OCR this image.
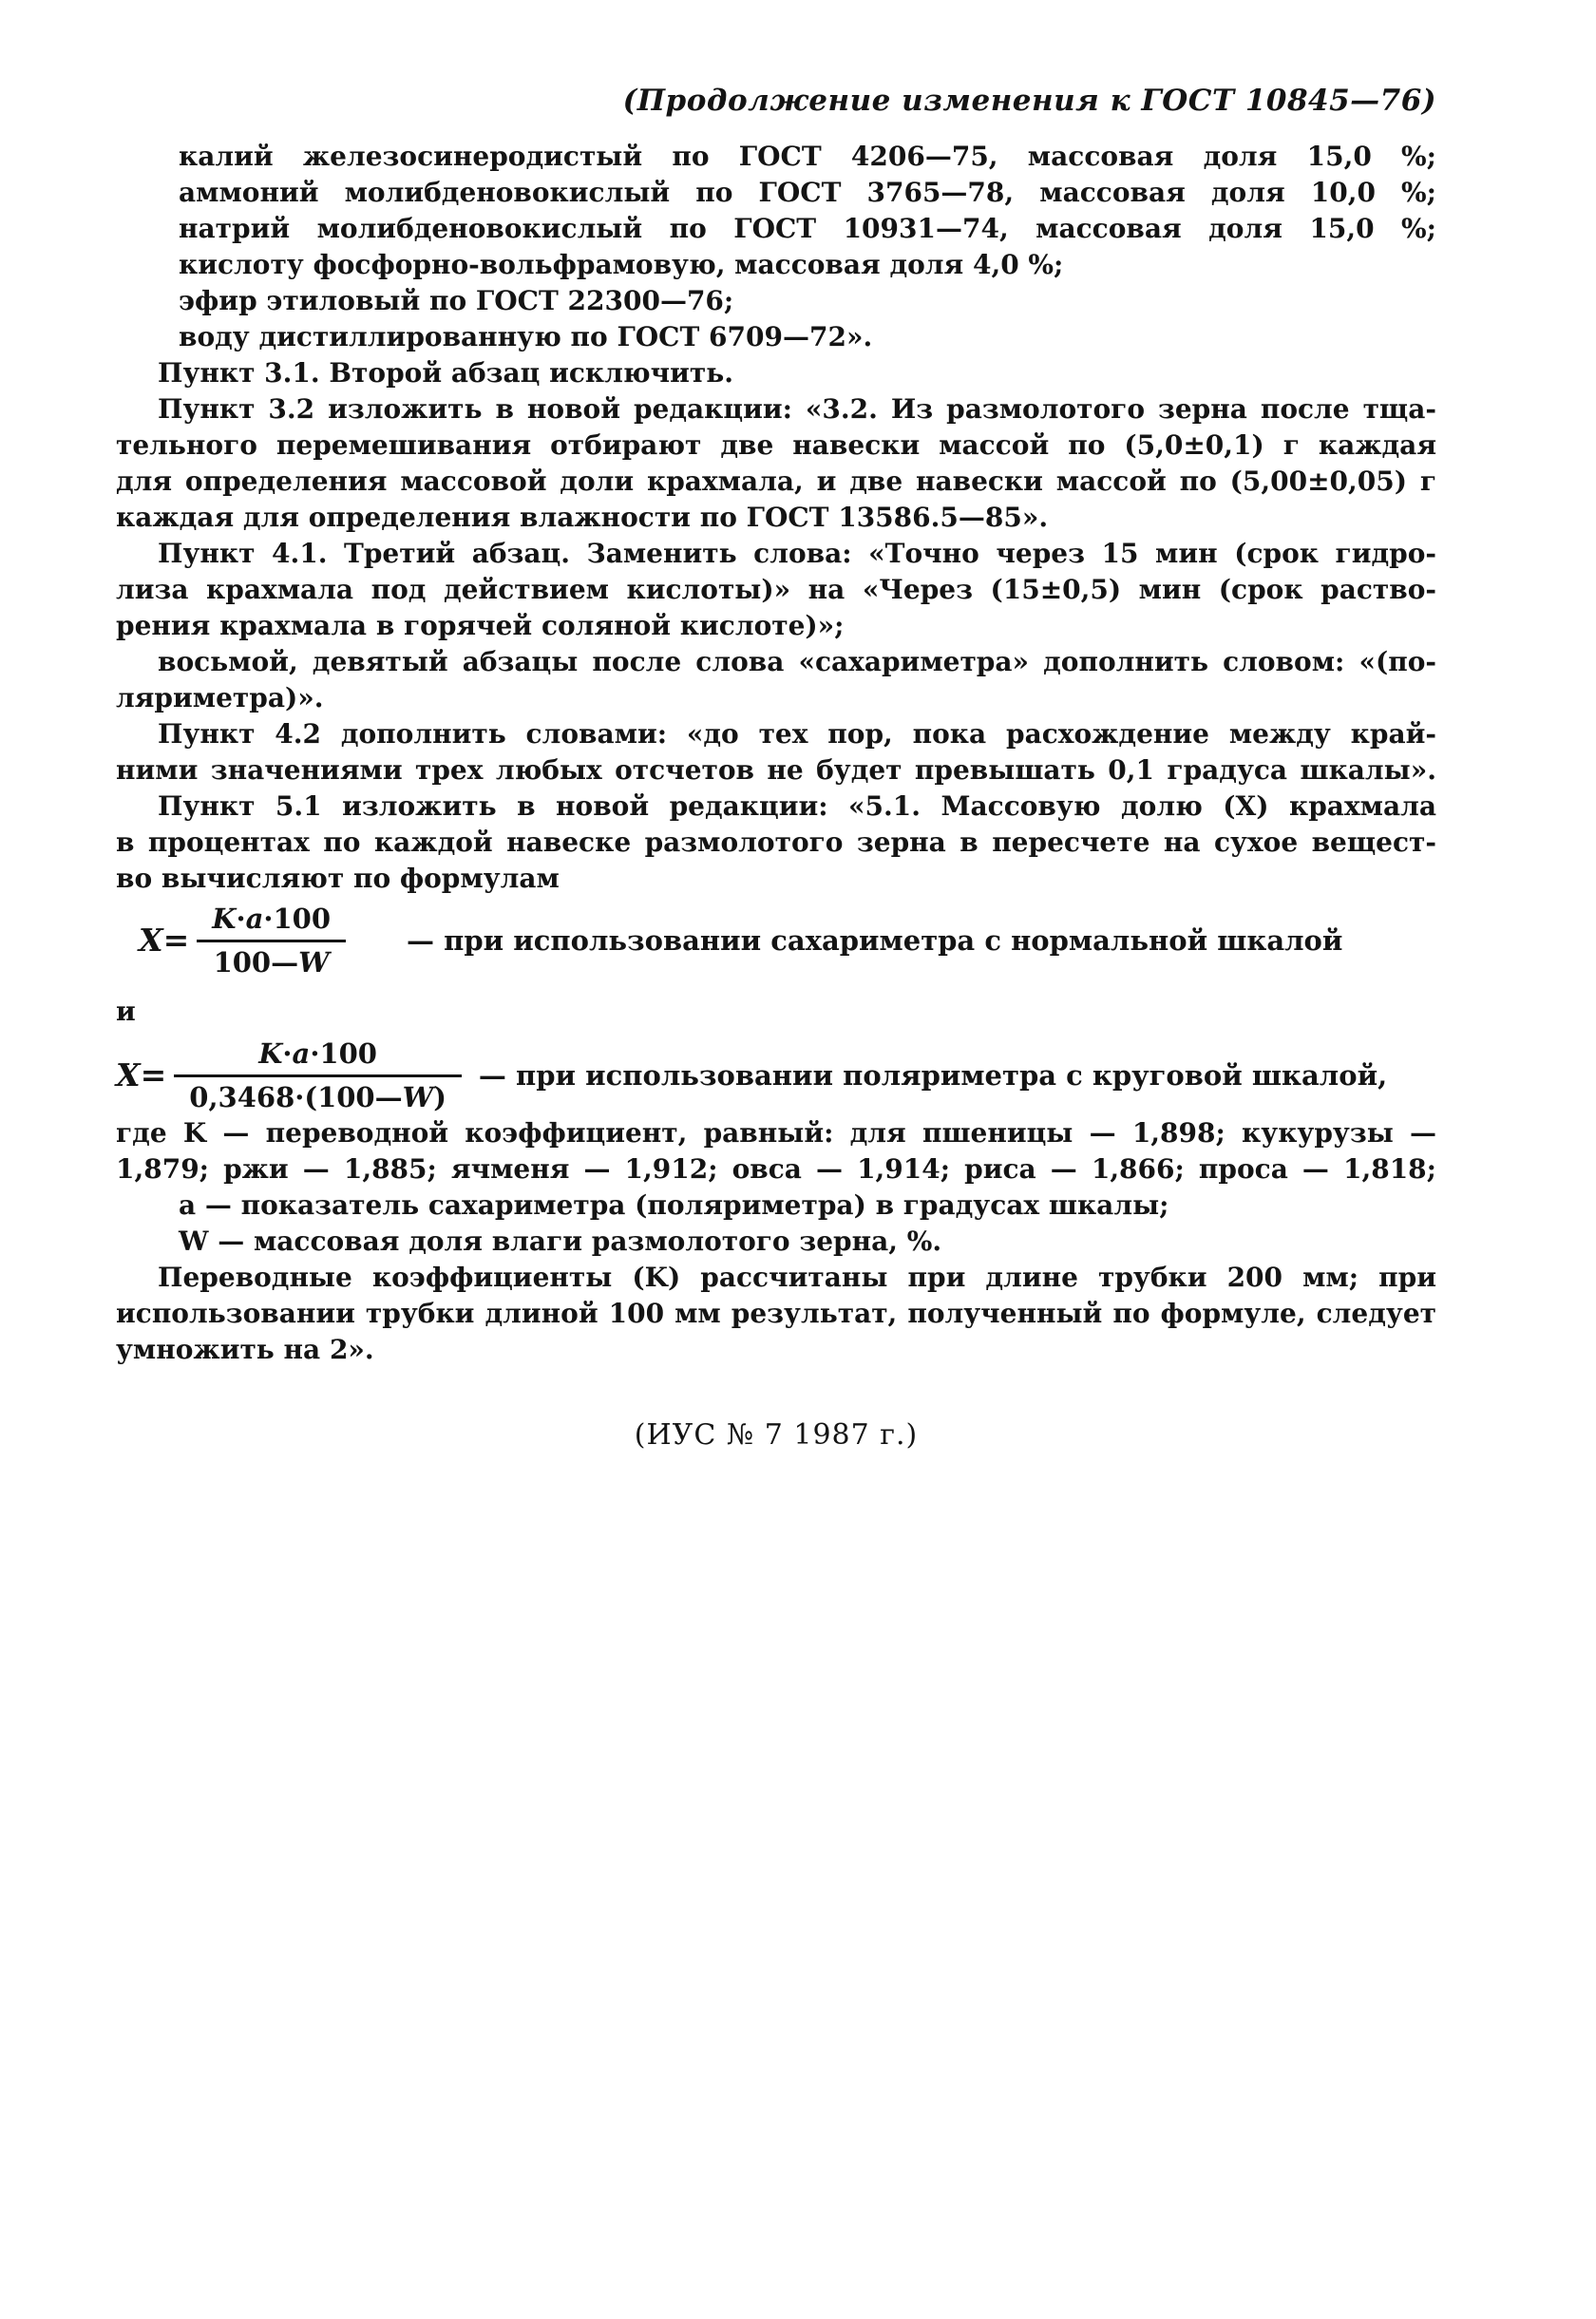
(Продолжение изменения к ГОСТ 10845—76)
калий железосинеродистый по ГОСТ 4206—75, массовая доля 15,0 %;
аммоний молибденовокислый по ГОСТ 3765—78, массовая доля 10,0 %;
натрий молибденовокислый по ГОСТ 10931—74, массовая доля 15,0 %;
кислоту фосфорно-вольфрамовую, массовая доля 4,0 %;
эфир этиловый по ГОСТ 22300—76;
воду дистиллированную по ГОСТ 6709—72».
Пункт 3.1. Второй абзац исключить.
Пункт 3.2 изложить в новой редакции: «3.2. Из размолотого зерна после тща-
тельного перемешивания отбирают две навески массой по (5,0±0,1) г каждая
для определения массовой доли крахмала, и две навески массой по (5,00±0,05) г
каждая для определения влажности по ГОСТ 13586.5—85».
Пункт 4.1. Третий абзац. Заменить слова: «Точно через 15 мин (срок гидро-
лиза крахмала под действием кислоты)» на «Через (15±0,5) мин (срок раство-
рения крахмала в горячей соляной кислоте)»;
восьмой, девятый абзацы после слова «сахариметра» дополнить словом: «(по-
ляриметра)».
Пункт 4.2 дополнить словами: «до тех пор, пока расхождение между край-
ними значениями трех любых отсчетов не будет превышать 0,1 градуса шкалы».
Пункт 5.1 изложить в новой редакции: «5.1. Массовую долю (X) крахмала
в процентах по каждой навеске размолотого зерна в пересчете на сухое вещест-
во вычисляют по формулам
$X= \frac{K\cdot a\cdot 100}{100—W}$ — при использовании сахариметра с нормальной шкалой
и
$X= \frac{K\cdot a\cdot 100}{0,3468\cdot(100—W)}$ — при использовании поляриметра с круговой шкалой,
где K — переводной коэффициент, равный: для пшеницы — 1,898; кукурузы —
1,879; ржи — 1,885; ячменя — 1,912; овса — 1,914; риса — 1,866; проса — 1,818;
a — показатель сахариметра (поляриметра) в градусах шкалы;
W — массовая доля влаги размолотого зерна, %.
Переводные коэффициенты (K) рассчитаны при длине трубки 200 мм; при
использовании трубки длиной 100 мм результат, полученный по формуле, следует
умножить на 2».
(ИУС № 7 1987 г.)
